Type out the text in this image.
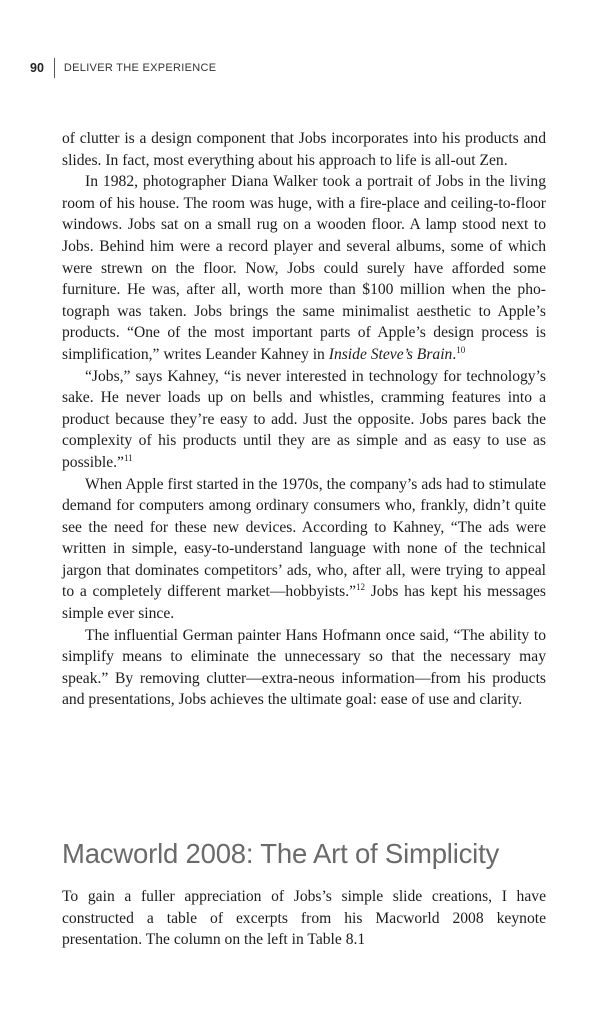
90 DELIVER THE EXPERIENCE

of clutter is a design component that Jobs incorporates into his products and slides. In fact, most everything about his approach to life is all-out Zen.

In 1982, photographer Diana Walker took a portrait of Jobs in the living room of his house. The room was huge, with a fire-place and ceiling-to-floor windows. Jobs sat on a small rug on a wooden floor. A lamp stood next to Jobs. Behind him were a record player and several albums, some of which were strewn on the floor. Now, Jobs could surely have afforded some furniture. He was, after all, worth more than $100 million when the pho-tograph was taken. Jobs brings the same minimalist aesthetic to Apple’s products. “One of the most important parts of Apple’s design process is simplification,” writes Leander Kahney in Inside Steve’s Brain.$^{10}$

“Jobs,” says Kahney, “is never interested in technology for technology’s sake. He never loads up on bells and whistles, cramming features into a product because they’re easy to add. Just the opposite. Jobs pares back the complexity of his products until they are as simple and as easy to use as possible.”$^{11}$

When Apple first started in the 1970s, the company’s ads had to stimulate demand for computers among ordinary consumers who, frankly, didn’t quite see the need for these new devices. According to Kahney, “The ads were written in simple, easy-to-understand language with none of the technical jargon that dominates competitors’ ads, who, after all, were trying to appeal to a completely different market—hobbyists.”$^{12}$ Jobs has kept his messages simple ever since.

The influential German painter Hans Hofmann once said, “The ability to simplify means to eliminate the unnecessary so that the necessary may speak.” By removing clutter—extra-neous information—from his products and presentations, Jobs achieves the ultimate goal: ease of use and clarity.

Macworld 2008: The Art of Simplicity

To gain a fuller appreciation of Jobs’s simple slide creations, I have constructed a table of excerpts from his Macworld 2008 keynote presentation. The column on the left in Table 8.1
